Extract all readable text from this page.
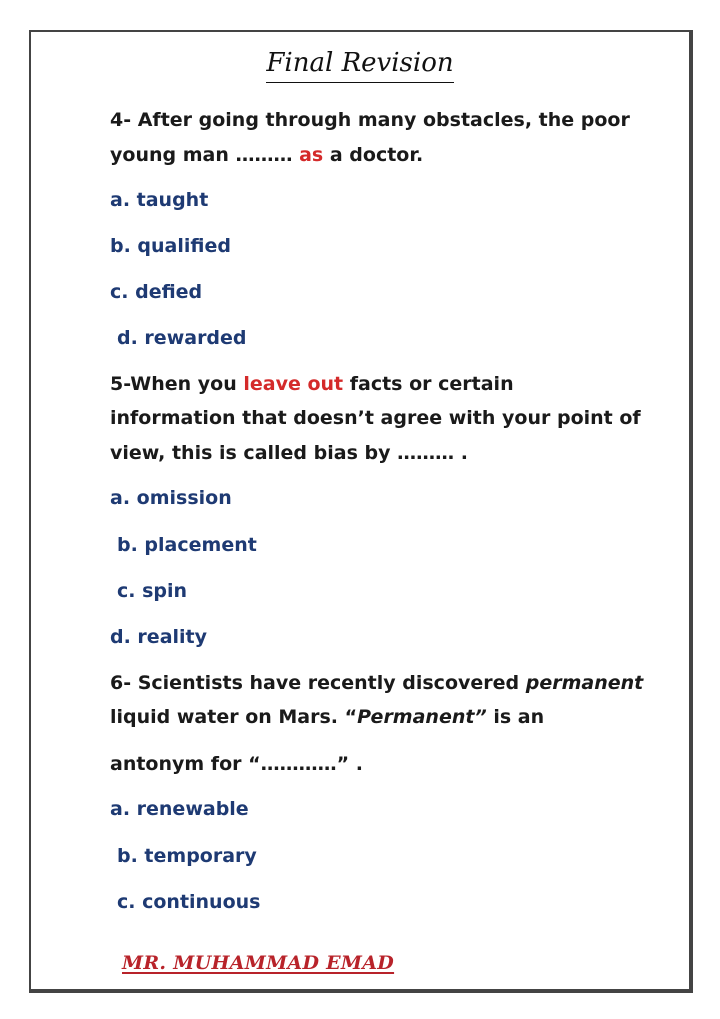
Final Revision
4- After going through many obstacles, the poor
young man ……… as a doctor.
a. taught
b. qualified
c. defied
d. rewarded
5-When you leave out facts or certain
information that doesn’t agree with your point of
view, this is called bias by ……… .
a. omission
b. placement
c. spin
d. reality
6- Scientists have recently discovered permanent
liquid water on Mars. “Permanent” is an
antonym for “…………” .
a. renewable
b. temporary
c. continuous
MR. MUHAMMAD EMAD
